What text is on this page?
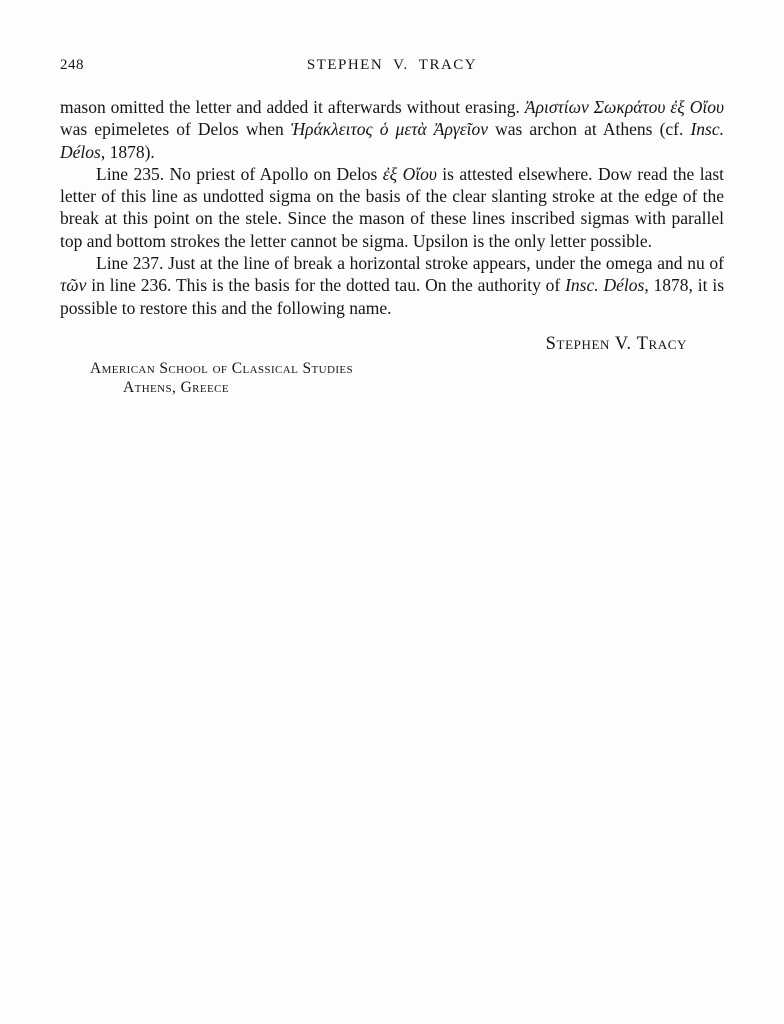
248	STEPHEN V. TRACY

mason omitted the letter and added it afterwards without erasing. Ἀριστίων Σωκράτου ἐξ Οἴου was epimeletes of Delos when Ἡράκλειτος ὁ μετὰ Ἀργεῖον was archon at Athens (cf. Insc. Délos, 1878).

Line 235. No priest of Apollo on Delos ἐξ Οἴου is attested elsewhere. Dow read the last letter of this line as undotted sigma on the basis of the clear slanting stroke at the edge of the break at this point on the stele. Since the mason of these lines inscribed sigmas with parallel top and bottom strokes the letter cannot be sigma. Upsilon is the only letter possible.

Line 237. Just at the line of break a horizontal stroke appears, under the omega and nu of τῶν in line 236. This is the basis for the dotted tau. On the authority of Insc. Délos, 1878, it is possible to restore this and the following name.

Stephen V. Tracy
American School of Classical Studies
Athens, Greece
